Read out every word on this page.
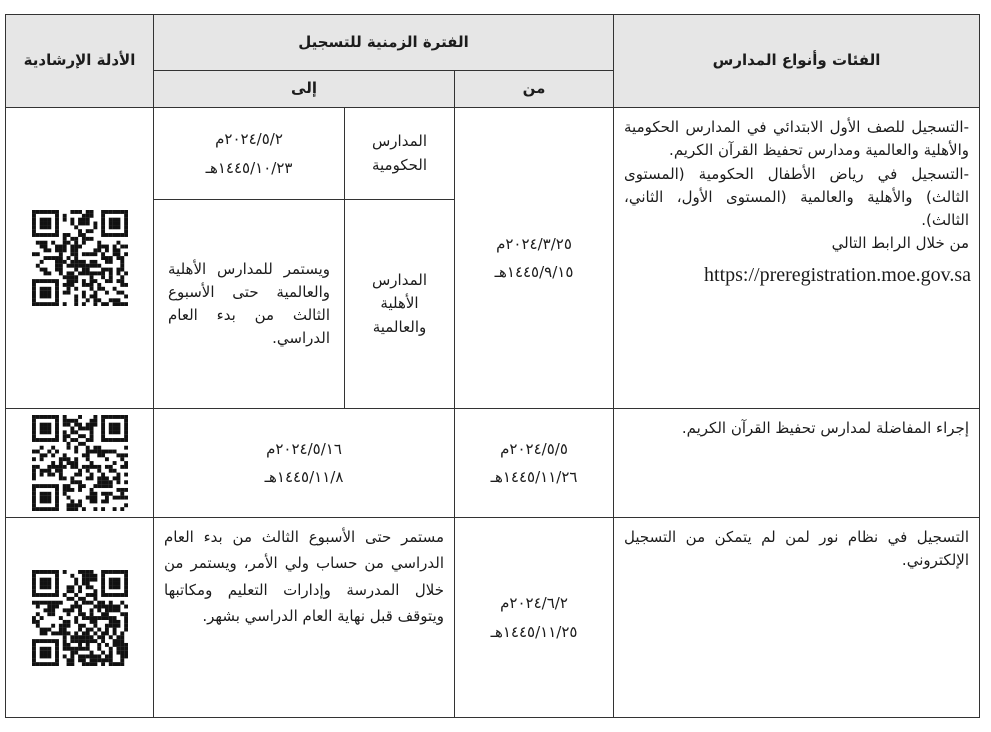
الفئات وأنواع المدارس
الفترة الزمنية للتسجيل
من
إلى
الأدلة الإرشادية
-التسجيل للصف الأول الابتدائي في المدارس الحكومية والأهلية والعالمية ومدارس تحفيظ القرآن الكريم.
-التسجيل في رياض الأطفال الحكومية (المستوى الثالث) والأهلية والعالمية (المستوى الأول، الثاني، الثالث).
من خلال الرابط التالي
https://preregistration.moe.gov.sa
٢٠٢٤/٣/٢٥م
١٤٤٥/٩/١٥هـ
المدارس
الحكومية
٢٠٢٤/٥/٢م
١٤٤٥/١٠/٢٣هـ
المدارس
الأهلية
والعالمية
ويستمر للمدارس الأهلية والعالمية حتى الأسبوع الثالث من بدء العام الدراسي.
إجراء المفاضلة لمدارس تحفيظ القرآن الكريم.
٢٠٢٤/٥/٥م
١٤٤٥/١١/٢٦هـ
٢٠٢٤/٥/١٦م
١٤٤٥/١١/٨هـ
التسجيل في نظام نور لمن لم يتمكن من التسجيل الإلكتروني.
٢٠٢٤/٦/٢م
١٤٤٥/١١/٢٥هـ
مستمر حتى الأسبوع الثالث من بدء العام الدراسي من حساب ولي الأمر، ويستمر من خلال المدرسة وإدارات التعليم ومكاتبها ويتوقف قبل نهاية العام الدراسي بشهر.
